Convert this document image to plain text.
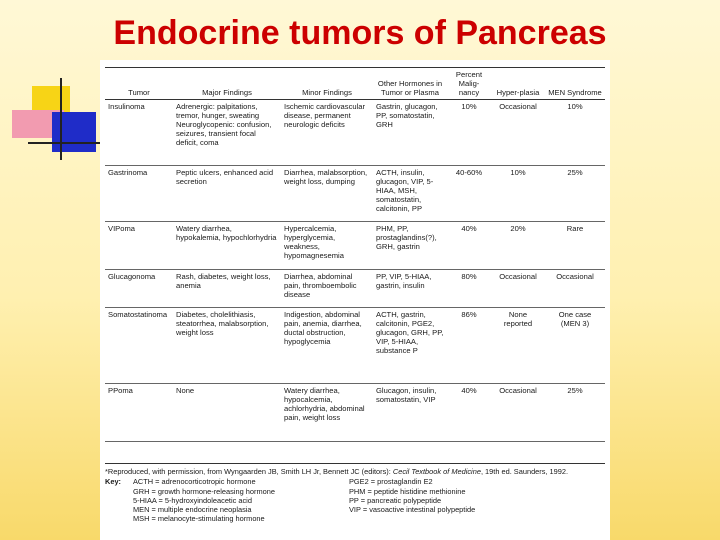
Endocrine tumors of Pancreas
Tumor	Major Findings	Minor Findings	Other Hormones in Tumor or Plasma	Percent Malig-nancy	Hyper-plasia	MEN Syndrome
Insulinoma	Adrenergic: palpitations, tremor, hunger, sweating Neuroglycopenic: confusion, seizures, transient focal deficit, coma	Ischemic cardiovascular disease, permanent neurologic deficits	Gastrin, glucagon, PP, somatostatin, GRH	10%	Occasional	10%
Gastrinoma	Peptic ulcers, enhanced acid secretion	Diarrhea, malabsorption, weight loss, dumping	ACTH, insulin, glucagon, VIP, 5-HIAA, MSH, somatostatin, calcitonin, PP	40-60%	10%	25%
VIPoma	Watery diarrhea, hypokalemia, hypochlorhydria	Hypercalcemia, hyperglycemia, weakness, hypomagnesemia	PHM, PP, prostaglandins(?), GRH, gastrin	40%	20%	Rare
Glucagonoma	Rash, diabetes, weight loss, anemia	Diarrhea, abdominal pain, thromboembolic disease	PP, VIP, 5-HIAA, gastrin, insulin	80%	Occasional	Occasional
Somatostatinoma	Diabetes, cholelithiasis, steatorrhea, malabsorption, weight loss	Indigestion, abdominal pain, anemia, diarrhea, ductal obstruction, hypoglycemia	ACTH, gastrin, calcitonin, PGE2, glucagon, GRH, PP, VIP, 5-HIAA, substance P	86%	None reported	One case (MEN 3)
PPoma	None	Watery diarrhea, hypocalcemia, achlorhydria, abdominal pain, weight loss	Glucagon, insulin, somatostatin, VIP	40%	Occasional	25%
*Reproduced, with permission, from Wyngaarden JB, Smith LH Jr, Bennett JC (editors): Cecil Textbook of Medicine, 19th ed. Saunders, 1992.
Key:	ACTH = adrenocorticotropic hormone
GRH = growth hormone-releasing hormone
5-HIAA = 5-hydroxyindoleacetic acid
MEN = multiple endocrine neoplasia
MSH = melanocyte-stimulating hormone
PGE2 = prostaglandin E2
PHM = peptide histidine methionine
PP = pancreatic polypeptide
VIP = vasoactive intestinal polypeptide
